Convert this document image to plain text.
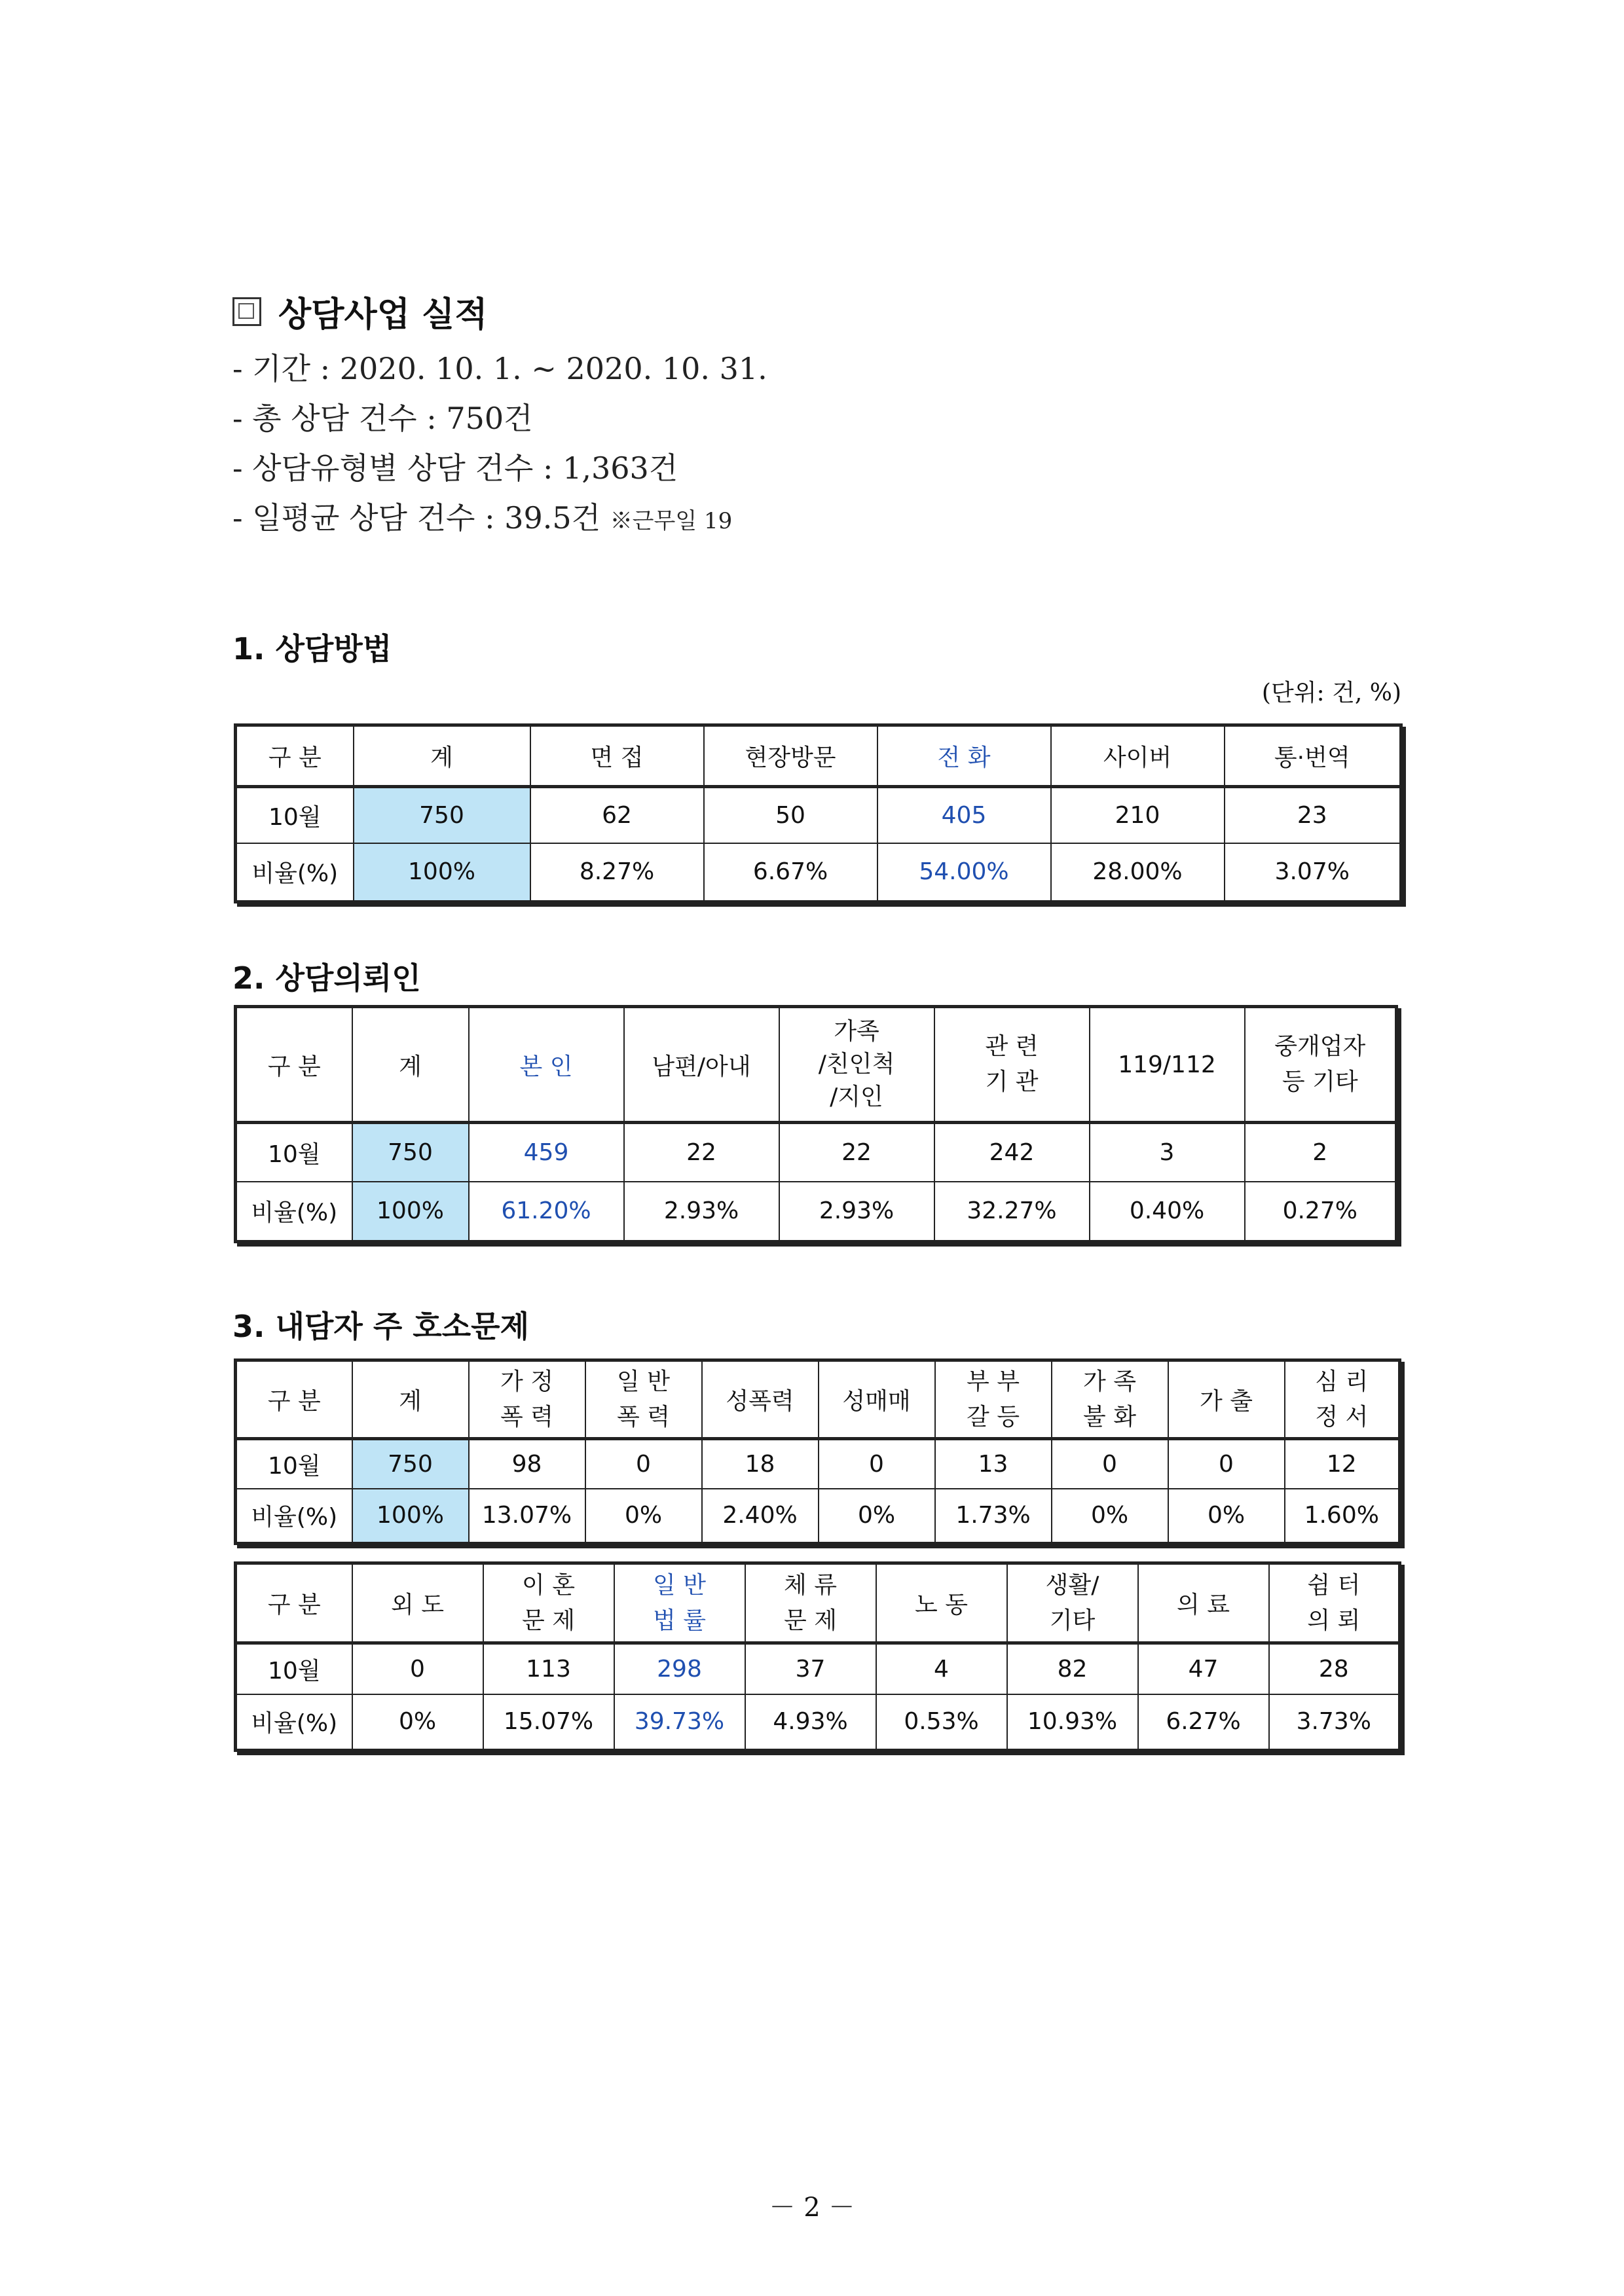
상담사업 실적
- 기간 : 2020. 10. 1. ~ 2020. 10. 31.
- 총 상담 건수 : 750건
- 상담유형별 상담 건수 : 1,363건
- 일평균 상담 건수 : 39.5건 ※근무일 19
1. 상담방법
(단위: 건, %)
구 분	계	면 접	현장방문	전 화	사이버	통·번역
10월	750	62	50	405	210	23
비율(%)	100%	8.27%	6.67%	54.00%	28.00%	3.07%
2. 상담의뢰인
구 분	계	본 인	남편/아내	가족
/친인척
/지인	관 련
기 관	119/112	중개업자
등 기타
10월	750	459	22	22	242	3	2
비율(%)	100%	61.20%	2.93%	2.93%	32.27%	0.40%	0.27%
3. 내담자 주 호소문제
구 분	계	가 정
폭 력	일 반
폭 력	성폭력	성매매	부 부
갈 등	가 족
불 화	가 출	심 리
정 서
10월	750	98	0	18	0	13	0	0	12
비율(%)	100%	13.07%	0%	2.40%	0%	1.73%	0%	0%	1.60%
구 분	외 도	이 혼
문 제	일 반
법 률	체 류
문 제	노 동	생활/
기타	의 료	쉼 터
의 뢰
10월	0	113	298	37	4	82	47	28
비율(%)	0%	15.07%	39.73%	4.93%	0.53%	10.93%	6.27%	3.73%
－ 2 －
